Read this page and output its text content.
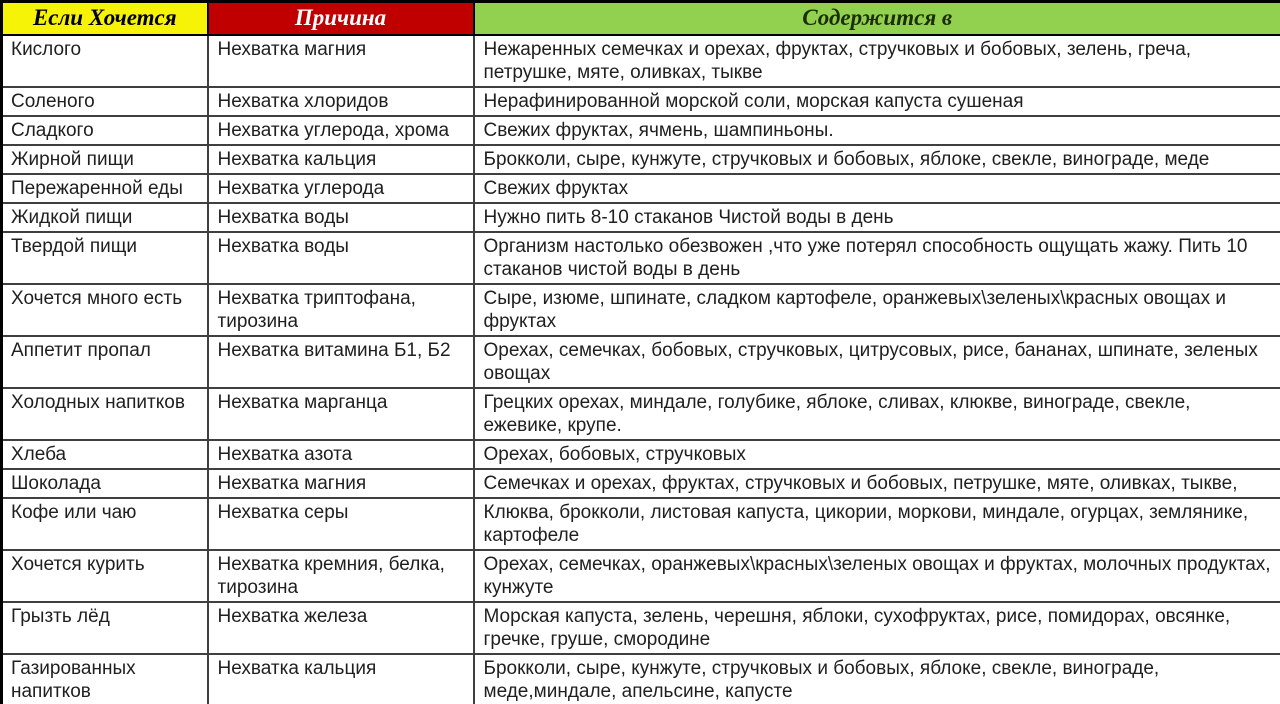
Если Хочется	Причина	Содержится в
Кислого	Нехватка магния	Нежаренных семечках и орехах, фруктах, стручковых и бобовых, зелень, греча, петрушке, мяте, оливках, тыкве
Соленого	Нехватка хлоридов	Нерафинированной морской соли, морская капуста сушеная
Сладкого	Нехватка углерода, хрома	Свежих фруктах, ячмень, шампиньоны.
Жирной пищи	Нехватка кальция	Брокколи, сыре, кунжуте, стручковых и бобовых, яблоке, свекле, винограде, меде
Пережаренной еды	Нехватка углерода	Свежих фруктах
Жидкой пищи	Нехватка воды	Нужно пить 8-10 стаканов Чистой воды в день
Твердой пищи	Нехватка воды	Организм настолько обезвожен ,что уже потерял способность ощущать жажу. Пить 10 стаканов чистой воды в день
Хочется много есть	Нехватка триптофана, тирозина	Сыре, изюме, шпинате, сладком картофеле, оранжевых\зеленых\красных овощах и фруктах
Аппетит пропал	Нехватка витамина Б1, Б2	Орехах, семечках, бобовых, стручковых, цитрусовых, рисе, бананах, шпинате, зеленых овощах
Холодных напитков	Нехватка марганца	Грецких орехах, миндале, голубике, яблоке, сливах, клюкве, винограде, свекле, ежевике, крупе.
Хлеба	Нехватка азота	Орехах, бобовых, стручковых
Шоколада	Нехватка магния	Семечках и орехах, фруктах, стручковых и бобовых, петрушке, мяте, оливках, тыкве,
Кофе или чаю	Нехватка серы	Клюква, брокколи, листовая капуста, цикории, моркови, миндале, огурцах, землянике, картофеле
Хочется курить	Нехватка кремния, белка, тирозина	Орехах, семечках, оранжевых\красных\зеленых овощах и фруктах, молочных продуктах, кунжуте
Грызть лёд	Нехватка железа	Морская капуста, зелень, черешня, яблоки, сухофруктах, рисе, помидорах, овсянке, гречке, груше, смородине
Газированных напитков	Нехватка кальция	Брокколи, сыре, кунжуте, стручковых и бобовых, яблоке, свекле, винограде, меде,миндале, апельсине, капусте
